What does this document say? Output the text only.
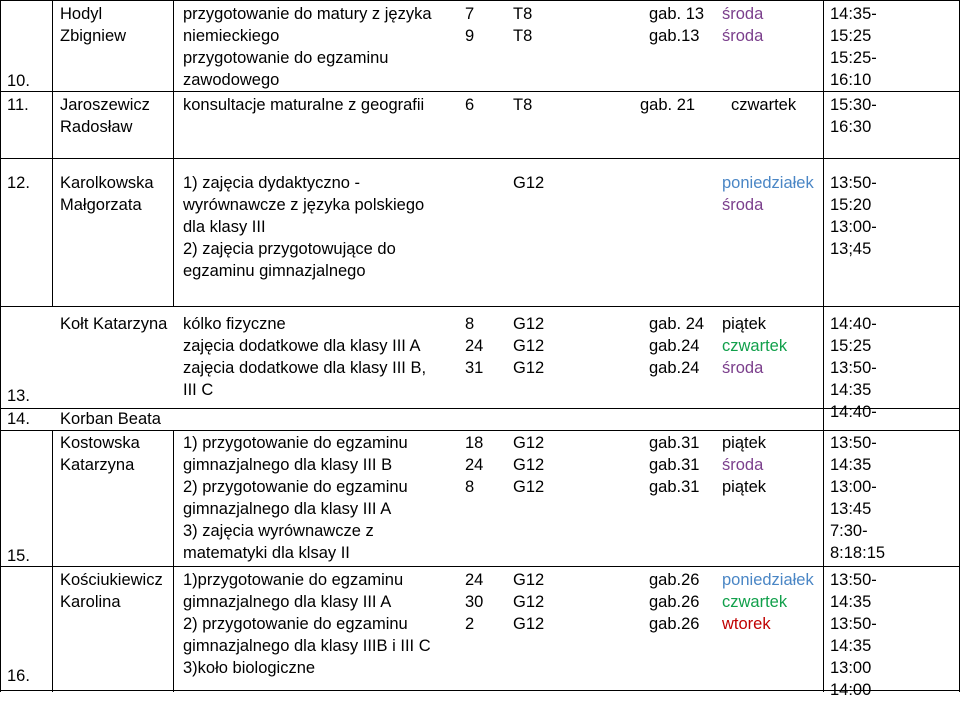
10.
Hodyl
Zbigniew
przygotowanie do matury z języka
niemieckiego
przygotowanie do egzaminu
zawodowego
7
9
T8
T8
gab. 13
gab.13
środa
środa
14:35-
15:25
15:25-
16:10
11. Jaroszewicz
Radosław
konsultacje maturalne z geografii 6 T8	gab. 21 czwartek 15:30-
16:30
12. Karolkowska
Małgorzata
1) zajęcia dydaktyczno -
wyrównawcze z języka polskiego
dla klasy III
2) zajęcia przygotowujące do
egzaminu gimnazjalnego
G12	poniedziałek
środa
13:50-
15:20
13:00-
13;45
13.
Kołt Katarzyna kólko fizyczne
zajęcia dodatkowe dla klasy III A
zajęcia dodatkowe dla klasy III B,
III C
8
24
31
G12
G12
G12
gab. 24
gab.24
gab.24
piątek
czwartek
środa
14:40-
15:25
13:50-
14:35
14:40-
14. Korban Beata
15.
Kostowska
Katarzyna
1) przygotowanie do egzaminu
gimnazjalnego dla klasy III B
2) przygotowanie do egzaminu
gimnazjalnego dla klasy III A
3) zajęcia wyrównawcze z
matematyki dla klsay II
18
24
8
G12
G12
G12
gab.31
gab.31
gab.31
piątek
środa
piątek
13:50-
14:35
13:00-
13:45
7:30-
8:18:15
16.
Kościukiewicz
Karolina
1)przygotowanie do egzaminu
gimnazjalnego dla klasy III A
2) przygotowanie do egzaminu
gimnazjalnego dla klasy IIIB i III C
3)koło biologiczne
24
30
2
G12
G12
G12
gab.26
gab.26
gab.26
poniedziałek
czwartek
wtorek
13:50-
14:35
13:50-
14:35
13:00
14:00
